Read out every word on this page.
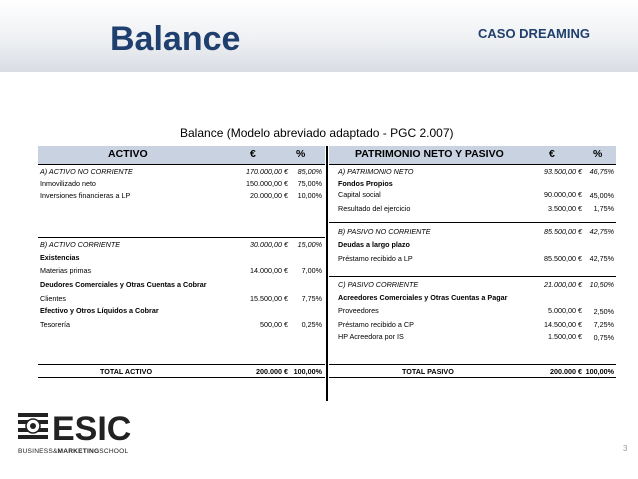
Balance	CASO DREAMING
Balance (Modelo abreviado adaptado - PGC 2.007)
ACTIVO	€	%	PATRIMONIO NETO Y PASIVO	€	%
A) ACTIVO NO CORRIENTE	170.000,00 €	85,00%
Inmovilizado neto	150.000,00 €	75,00%
Inversiones financieras a LP	20.000,00 €	10,00%
B) ACTIVO CORRIENTE	30.000,00 €	15,00%
Existencias
Materias primas	14.000,00 €	7,00%
Deudores Comerciales y Otras Cuentas a Cobrar
Clientes	15.500,00 €	7,75%
Efectivo y Otros Líquidos a Cobrar
Tesorería	500,00 €	0,25%
TOTAL ACTIVO	200.000 € 100,00%
A) PATRIMONIO NETO	93.500,00 €	46,75%
Fondos Propios
Capital social	90.000,00 €	45,00%
Resultado del ejercicio	3.500,00 €	1,75%
B) PASIVO NO CORRIENTE	85.500,00 €	42,75%
Deudas a largo plazo
Préstamo recibido a LP	85.500,00 €	42,75%
C) PASIVO CORRIENTE	21.000,00 €	10,50%
Acreedores Comerciales y Otras Cuentas a Pagar
Proveedores	5.000,00 €	2,50%
Préstamo recibido a CP	14.500,00 €	7,25%
HP Acreedora por IS	1.500,00 €	0,75%
TOTAL PASIVO	200.000 € 100,00%
ESIC
BUSINESS&MARKETINGSCHOOL	3
